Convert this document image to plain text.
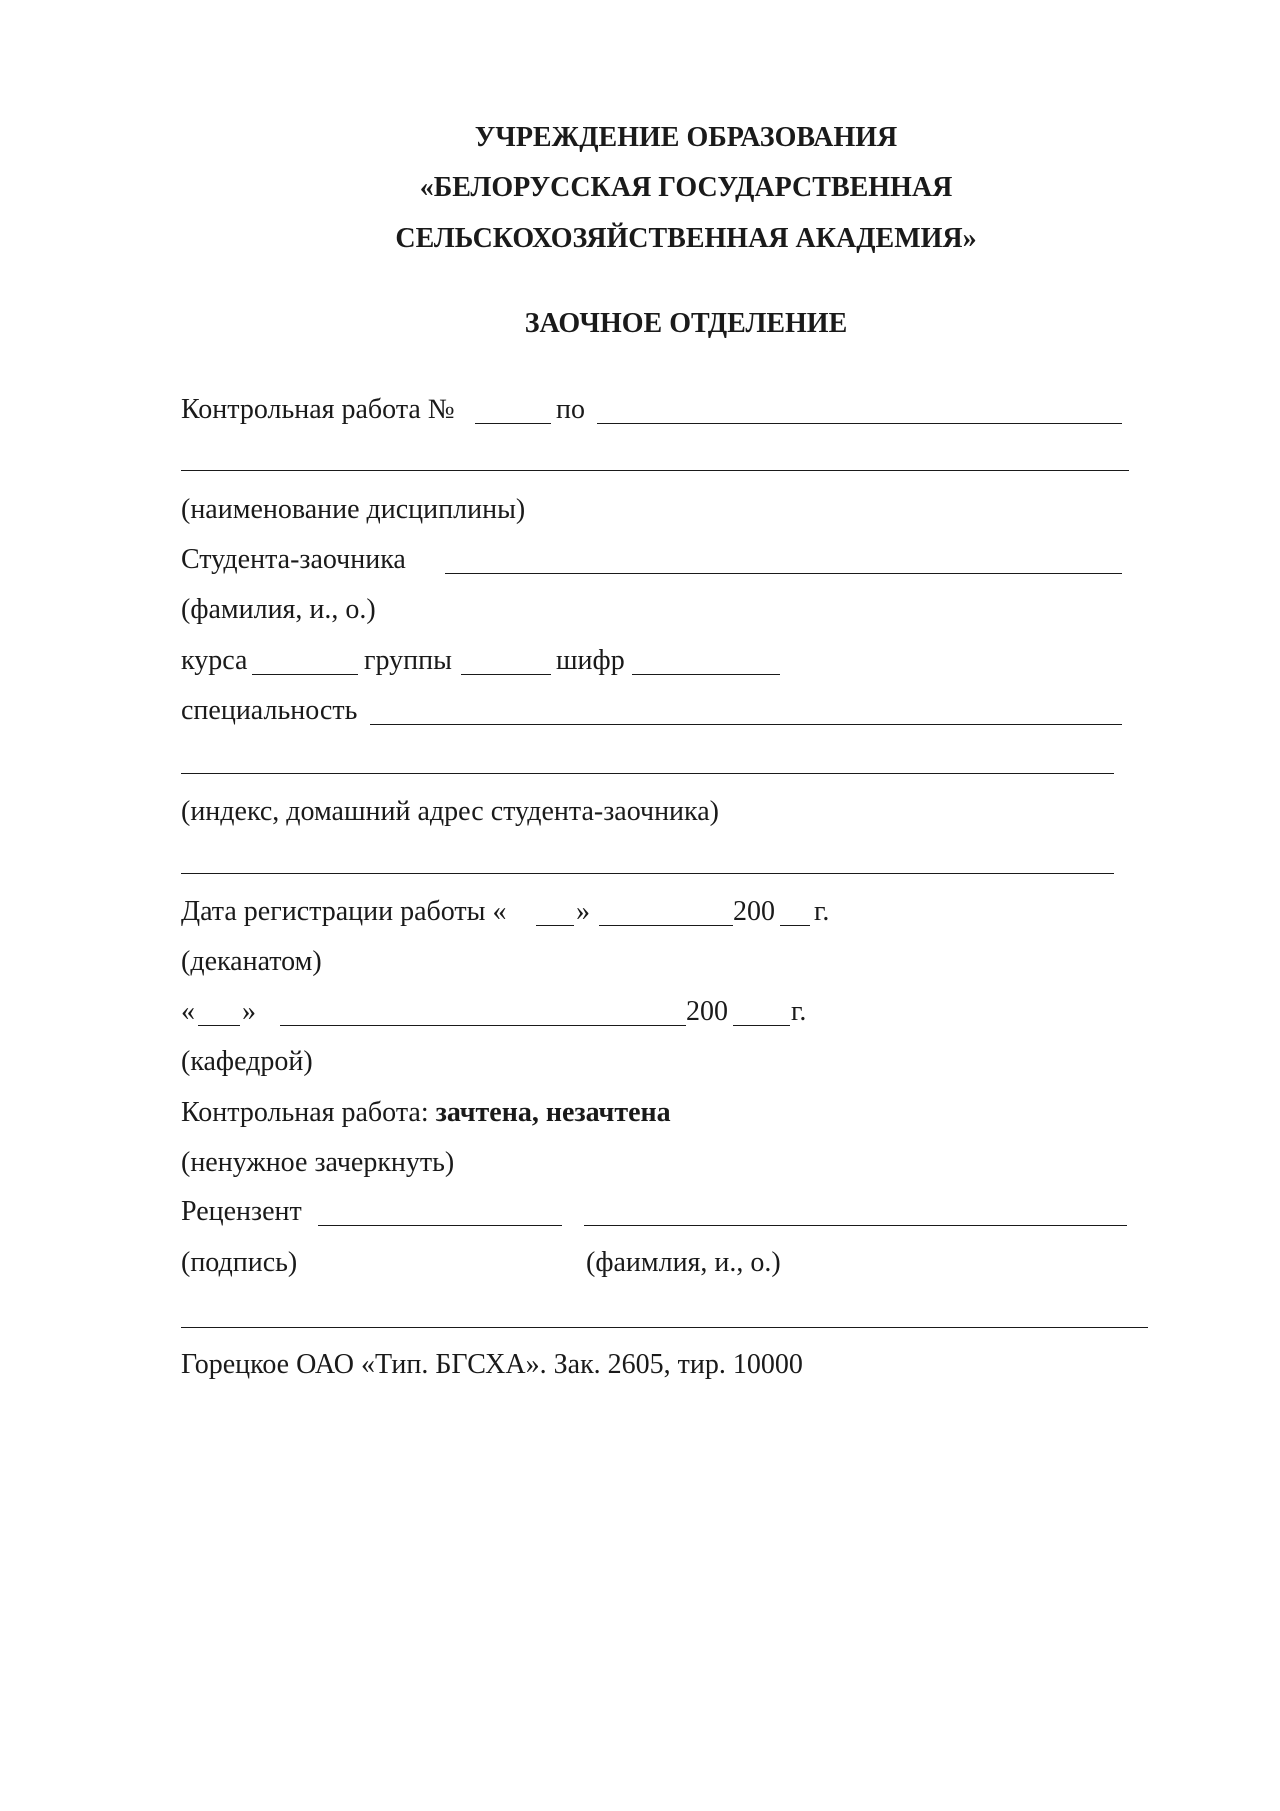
УЧРЕЖДЕНИЕ ОБРАЗОВАНИЯ
«БЕЛОРУССКАЯ ГОСУДАРСТВЕННАЯ
СЕЛЬСКОХОЗЯЙСТВЕННАЯ АКАДЕМИЯ»
ЗАОЧНОЕ ОТДЕЛЕНИЕ
Контрольная работа №	по
(наименование дисциплины)
Студента-заочника
(фамилия, и., о.)
курса	группы	шифр
специальность
(индекс, домашний адрес студента-заочника)
Дата регистрации работы « »	200 г.
(деканатом)
« »	200 г.
(кафедрой)
Контрольная работа: зачтена, незачтена
(ненужное зачеркнуть)
Рецензент
(подпись)	(фаимлия, и., о.)
Горецкое ОАО «Тип. БГСХА». Зак. 2605, тир. 10000
